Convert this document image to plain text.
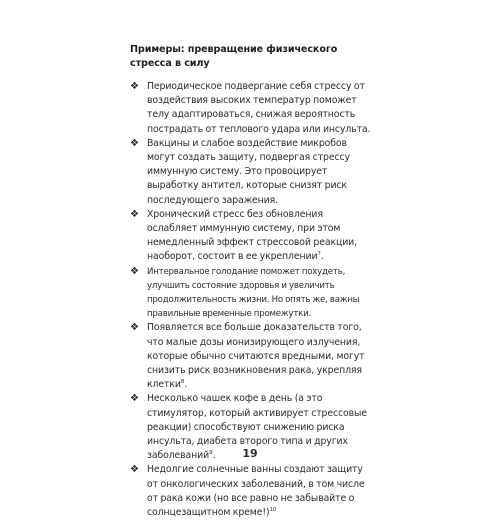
Примеры: превращение физического стресса в силу
❖ Периодическое подвергание себя стрессу от воздействия высоких температур поможет телу адаптироваться, снижая вероятность пострадать от теплового удара или инсульта.
❖ Вакцины и слабое воздействие микробов могут создать защиту, подвергая стрессу иммунную систему. Это провоцирует выработку антител, которые снизят риск последующего заражения.
❖ Хронический стресс без обновления ослабляет иммунную систему, при этом немедленный эффект стрессовой реакции, наоборот, состоит в ее укреплении$^7$.
❖ Интервальное голодание поможет похудеть, улучшить состояние здоровья и увеличить продолжительность жизни. Но опять же, важны правильные временные промежутки.
❖ Появляется все больше доказательств того, что малые дозы ионизирующего излучения, которые обычно считаются вредными, могут снизить риск возникновения рака, укрепляя клетки$^8$.
❖ Несколько чашек кофе в день (а это стимулятор, который активирует стрессовые реакции) способствуют снижению риска инсульта, диабета второго типа и других заболеваний$^9$.
❖ Недолгие солнечные ванны создают защиту от онкологических заболеваний, в том числе от рака кожи (но все равно не забывайте о солнцезащитном креме!)$^{10}$
19
